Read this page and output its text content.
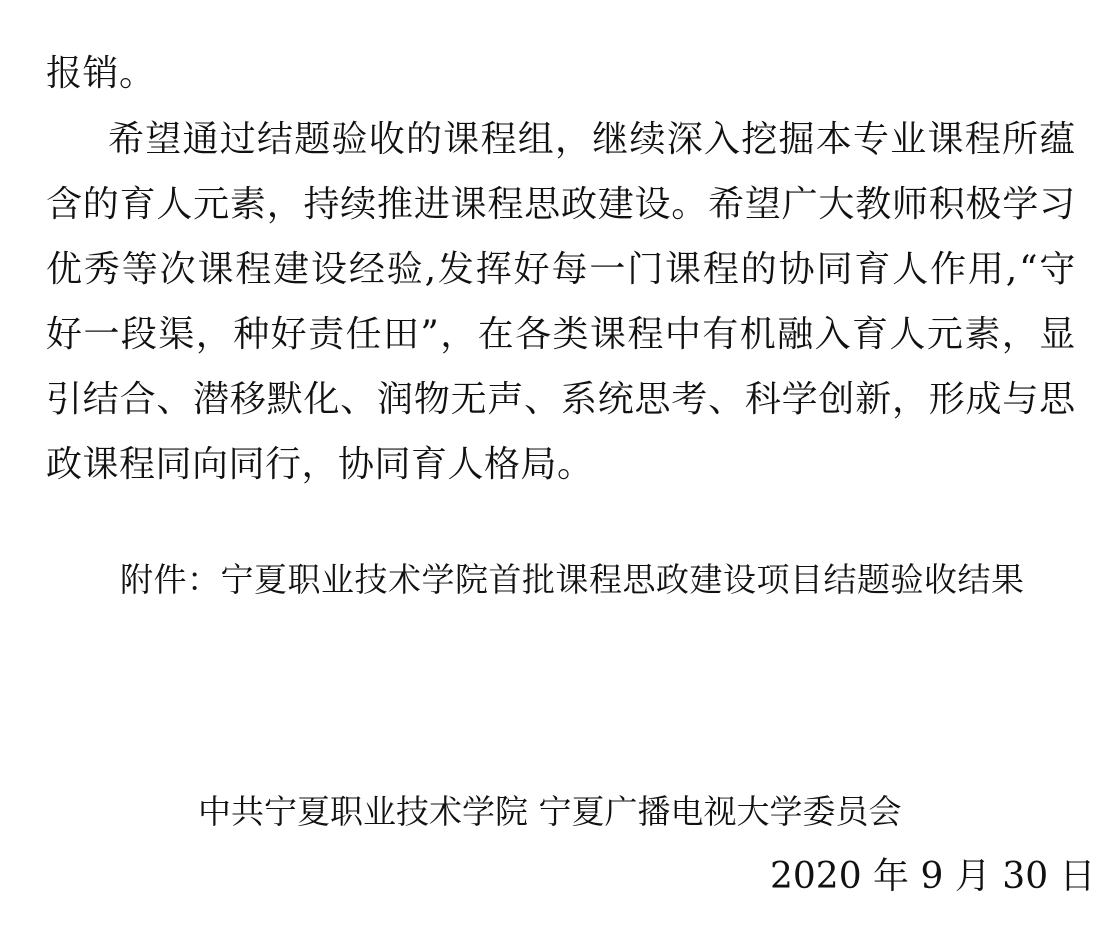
报销。
希 望 通 过 结 题 验 收 的 课 程 组 ， 继 续 深 入 挖 掘 本 专 业 课 程 所 蕴
含 的 育 人 元 素 ， 持 续 推 进 课 程 思 政 建 设 。 希 望 广 大 教 师 积 极 学 习
优 秀 等 次 课 程 建 设 经 验 , 发 挥 好 每 一 门 课 程 的 协 同 育 人 作 用 , “ 守
好 一 段 渠 ， 种 好 责 任 田 ” ， 在 各 类 课 程 中 有 机 融 入 育 人 元 素 ， 显
引 结 合 、 潜 移 默 化 、 润 物 无 声 、 系 统 思 考 、 科 学 创 新 ， 形 成 与 思
政课程同向同行，协同育人格局。
附件：宁夏职业技术学院首批课程思政建设项目结题验收结果
中共宁夏职业技术学院 宁夏广播电视大学委员会
2020 年 9 月 30 日
